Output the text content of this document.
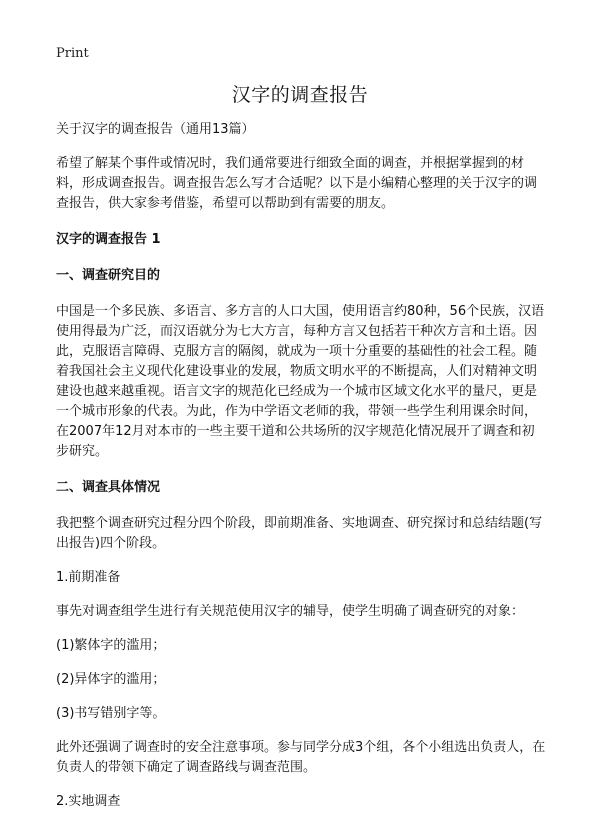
Print
汉字的调查报告

关于汉字的调查报告（通用13篇）

希望了解某个事件或情况时，我们通常要进行细致全面的调查，并根据掌握到的材料，形成调查报告。调查报告怎么写才合适呢？以下是小编精心整理的关于汉字的调查报告，供大家参考借鉴，希望可以帮助到有需要的朋友。

汉字的调查报告 1
一、调查研究目的

中国是一个多民族、多语言、多方言的人口大国，使用语言约80种，56个民族，汉语使用得最为广泛，而汉语就分为七大方言，每种方言又包括若干种次方言和土语。因此，克服语言障碍、克服方言的隔阂，就成为一项十分重要的基础性的社会工程。随着我国社会主义现代化建设事业的发展，物质文明水平的不断提高，人们对精神文明建设也越来越重视。语言文字的规范化已经成为一个城市区域文化水平的量尺，更是一个城市形象的代表。为此，作为中学语文老师的我，带领一些学生利用课余时间，在2007年12月对本市的一些主要干道和公共场所的汉字规范化情况展开了调查和初步研究。

二、调查具体情况

我把整个调查研究过程分四个阶段，即前期准备、实地调查、研究探讨和总结结题(写出报告)四个阶段。

1.前期准备

事先对调查组学生进行有关规范使用汉字的辅导，使学生明确了调查研究的对象：

(1)繁体字的滥用；

(2)异体字的滥用；

(3)书写错别字等。

此外还强调了调查时的安全注意事项。参与同学分成3个组，各个小组选出负责人，在负责人的带领下确定了调查路线与调查范围。

2.实地调查
